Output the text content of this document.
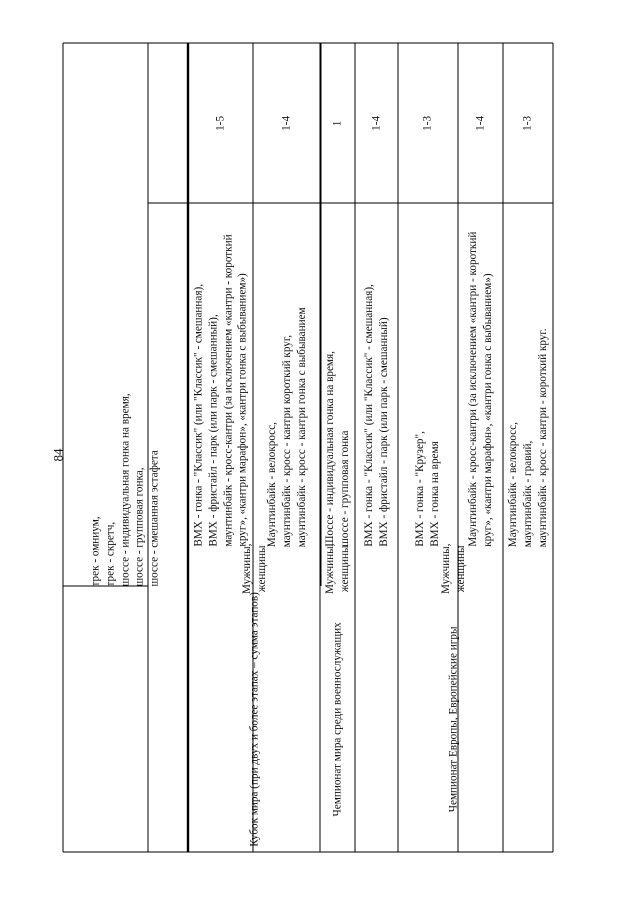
84

трек - омниум, трек - скретч, шоссе - индивидуальная гонка на время, шоссе - групповая гонка, шоссе - смешанная эстафета

Кубок мира (при двух и более этапах – сумма этапов)

Мужчины, женщины

BMX - гонка - "Классик" (или "Классик" - смешанная), BMX - фристайл - парк (или парк - смешанный), маунтинбайк - кросс-кантри (за исключением «кантри - короткий круг», «кантри марафон», «кантри гонка с выбыванием»)

1-5

Маунтинбайк - велокросс, маунтинбайк - кросс - кантри короткий круг, маунтинбайк - кросс - кантри гонка с выбыванием

1-4

Чемпионат мира среди военнослужащих

Мужчины, женщины

Шоссе - индивидуальная гонка на время, шоссе - групповая гонка

1

Чемпионат Европы, Европейские игры

Мужчины, женщины

BMX - гонка - "Классик" (или "Классик" - смешанная), BMX - фристайл - парк (или парк - смешанный)

1-4

BMX - гонка - "Крузер", BMX - гонка на время

1-3

Маунтинбайк - кросс-кантри (за исключением «кантри - короткий круг», «кантри марафон», «кантри гонка с выбыванием»)

1-4

Маунтинбайк - велокросс, маунтинбайк - гравий, маунтинбайк - кросс - кантри - короткий круг.

1-3
